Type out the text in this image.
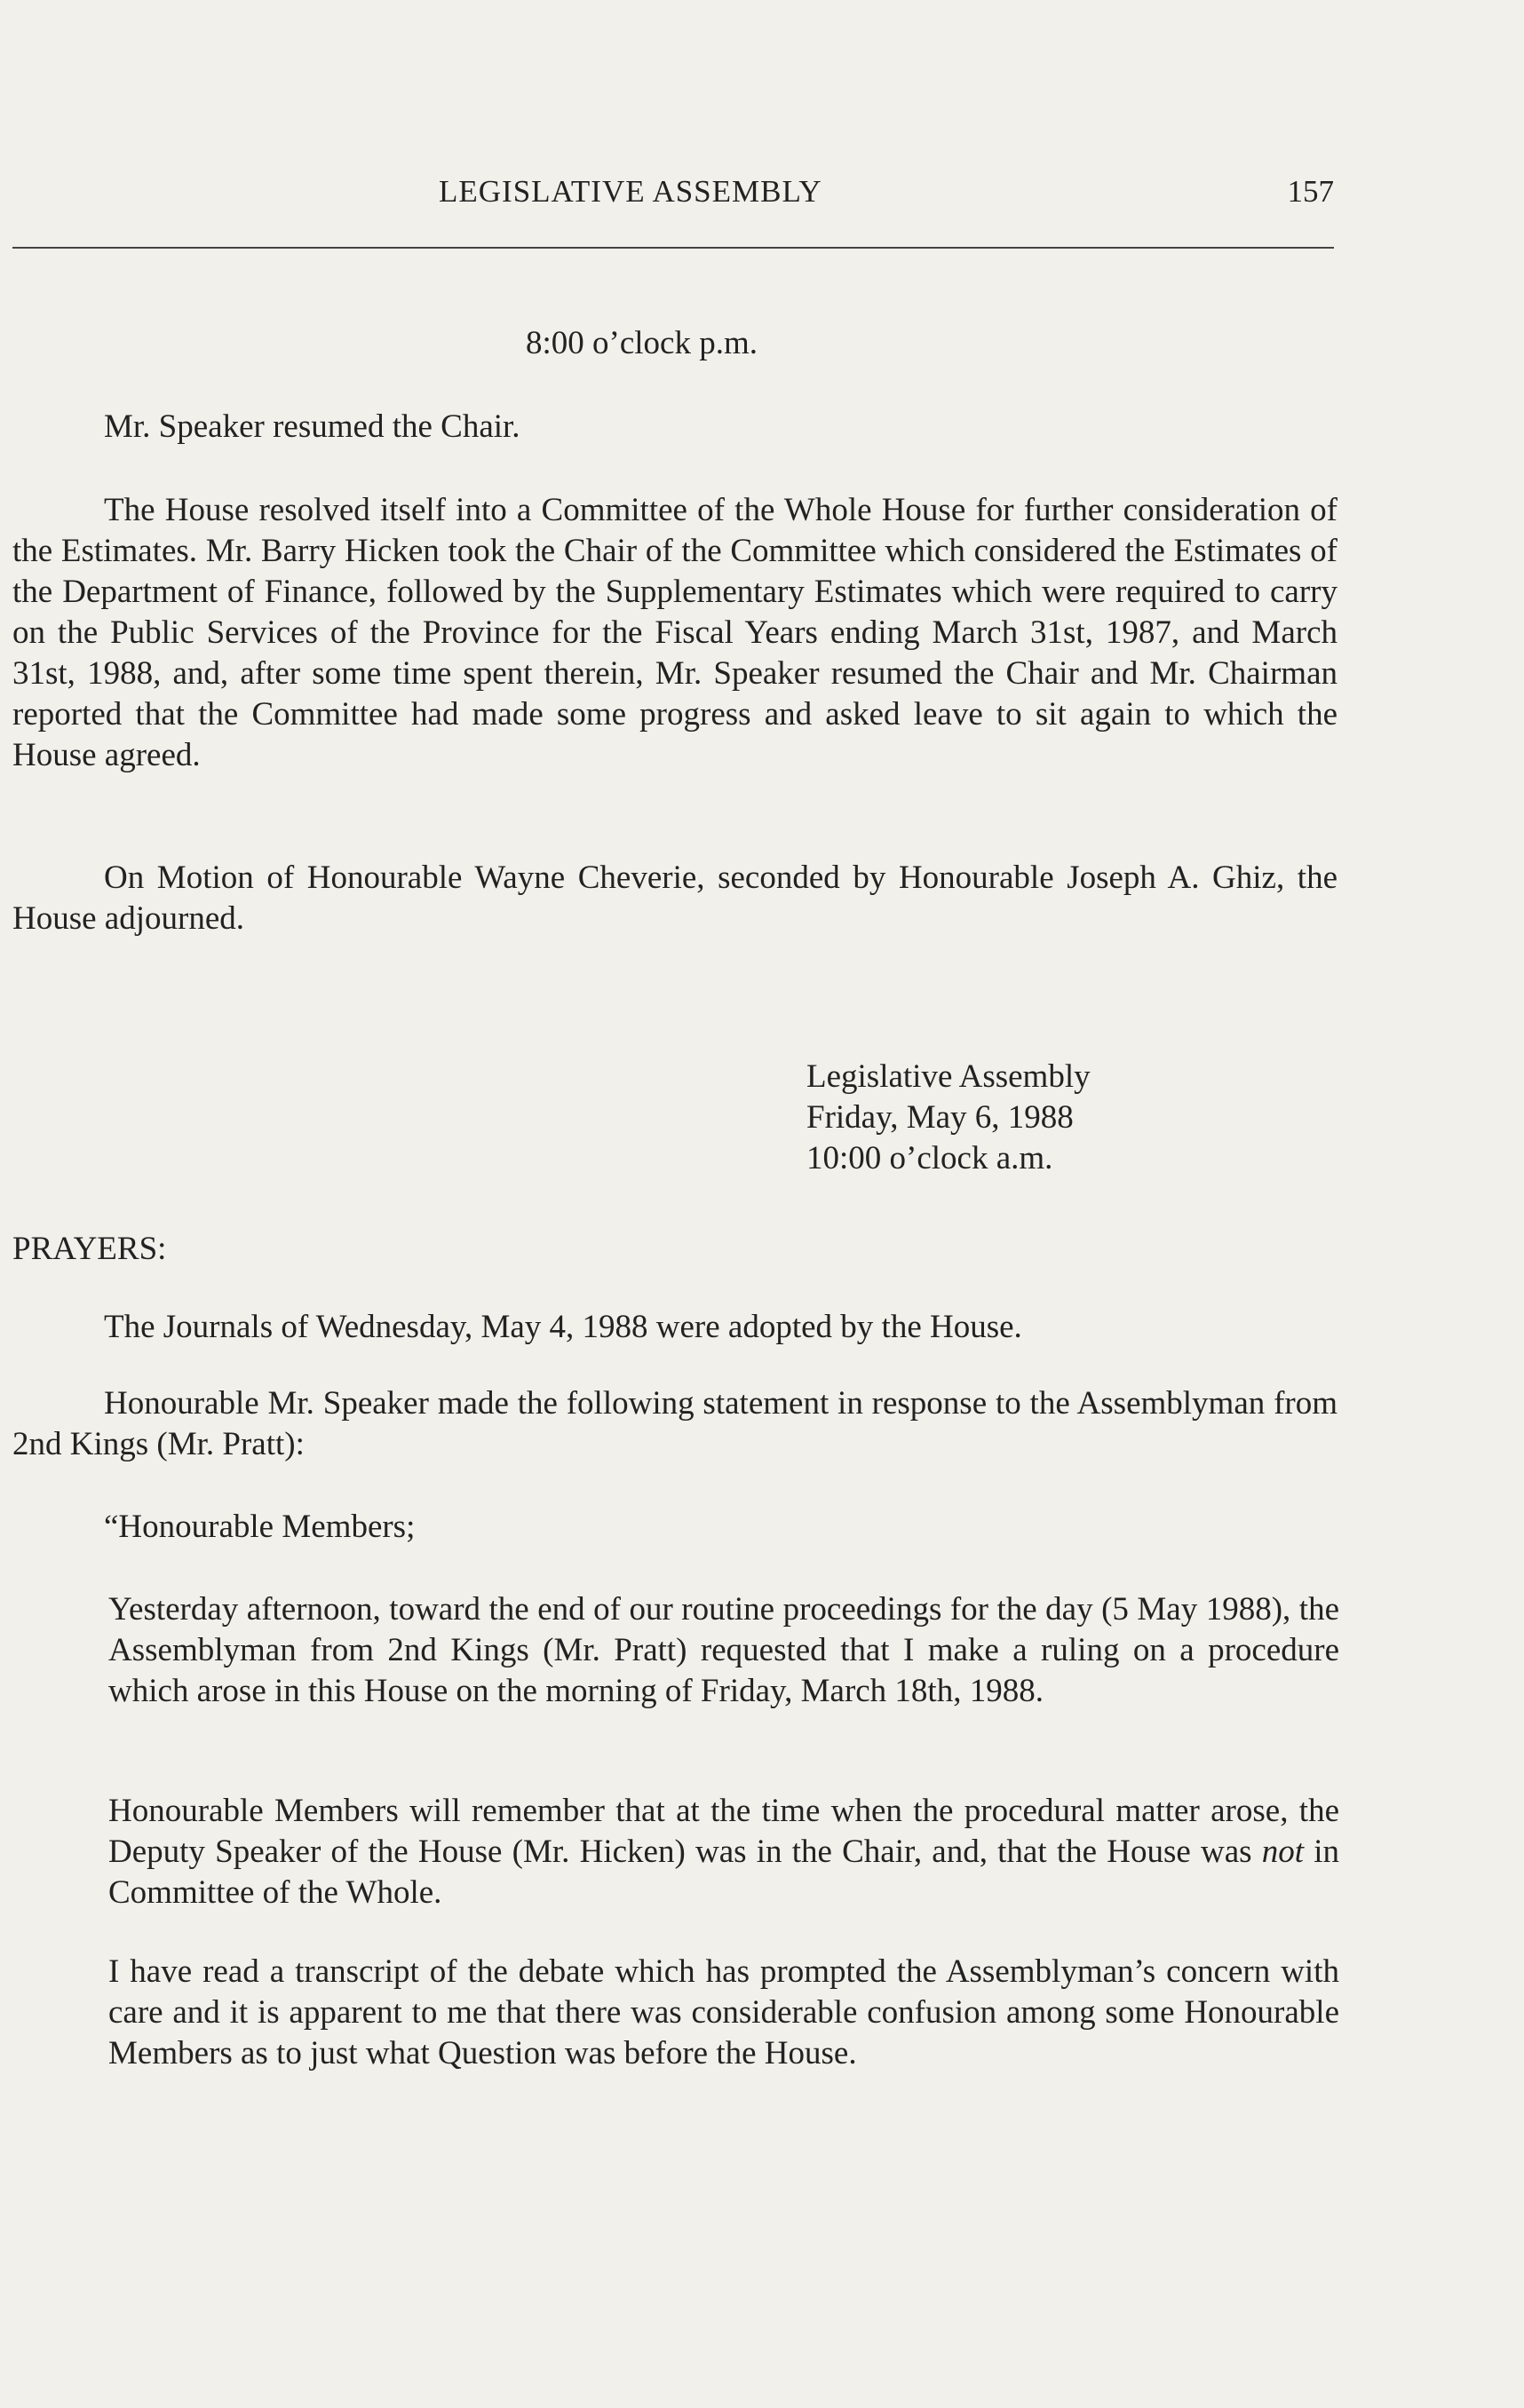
LEGISLATIVE ASSEMBLY	157
8:00 o’clock p.m.
Mr. Speaker resumed the Chair.
The House resolved itself into a Committee of the Whole House for further consideration of the Estimates. Mr. Barry Hicken took the Chair of the Committee which considered the Estimates of the Department of Finance, followed by the Supplementary Estimates which were required to carry on the Public Services of the Province for the Fiscal Years ending March 31st, 1987, and March 31st, 1988, and, after some time spent therein, Mr. Speaker resumed the Chair and Mr. Chairman reported that the Committee had made some progress and asked leave to sit again to which the House agreed.
On Motion of Honourable Wayne Cheverie, seconded by Honourable Joseph A. Ghiz, the House adjourned.
Legislative Assembly
Friday, May 6, 1988
10:00 o’clock a.m.
PRAYERS:
The Journals of Wednesday, May 4, 1988 were adopted by the House.
Honourable Mr. Speaker made the following statement in response to the Assemblyman from 2nd Kings (Mr. Pratt):
“Honourable Members;
Yesterday afternoon, toward the end of our routine proceedings for the day (5 May 1988), the Assemblyman from 2nd Kings (Mr. Pratt) requested that I make a ruling on a procedure which arose in this House on the morning of Friday, March 18th, 1988.
Honourable Members will remember that at the time when the procedural matter arose, the Deputy Speaker of the House (Mr. Hicken) was in the Chair, and, that the House was not in Committee of the Whole.
I have read a transcript of the debate which has prompted the Assemblyman’s concern with care and it is apparent to me that there was considerable confusion among some Honourable Members as to just what Question was before the House.
